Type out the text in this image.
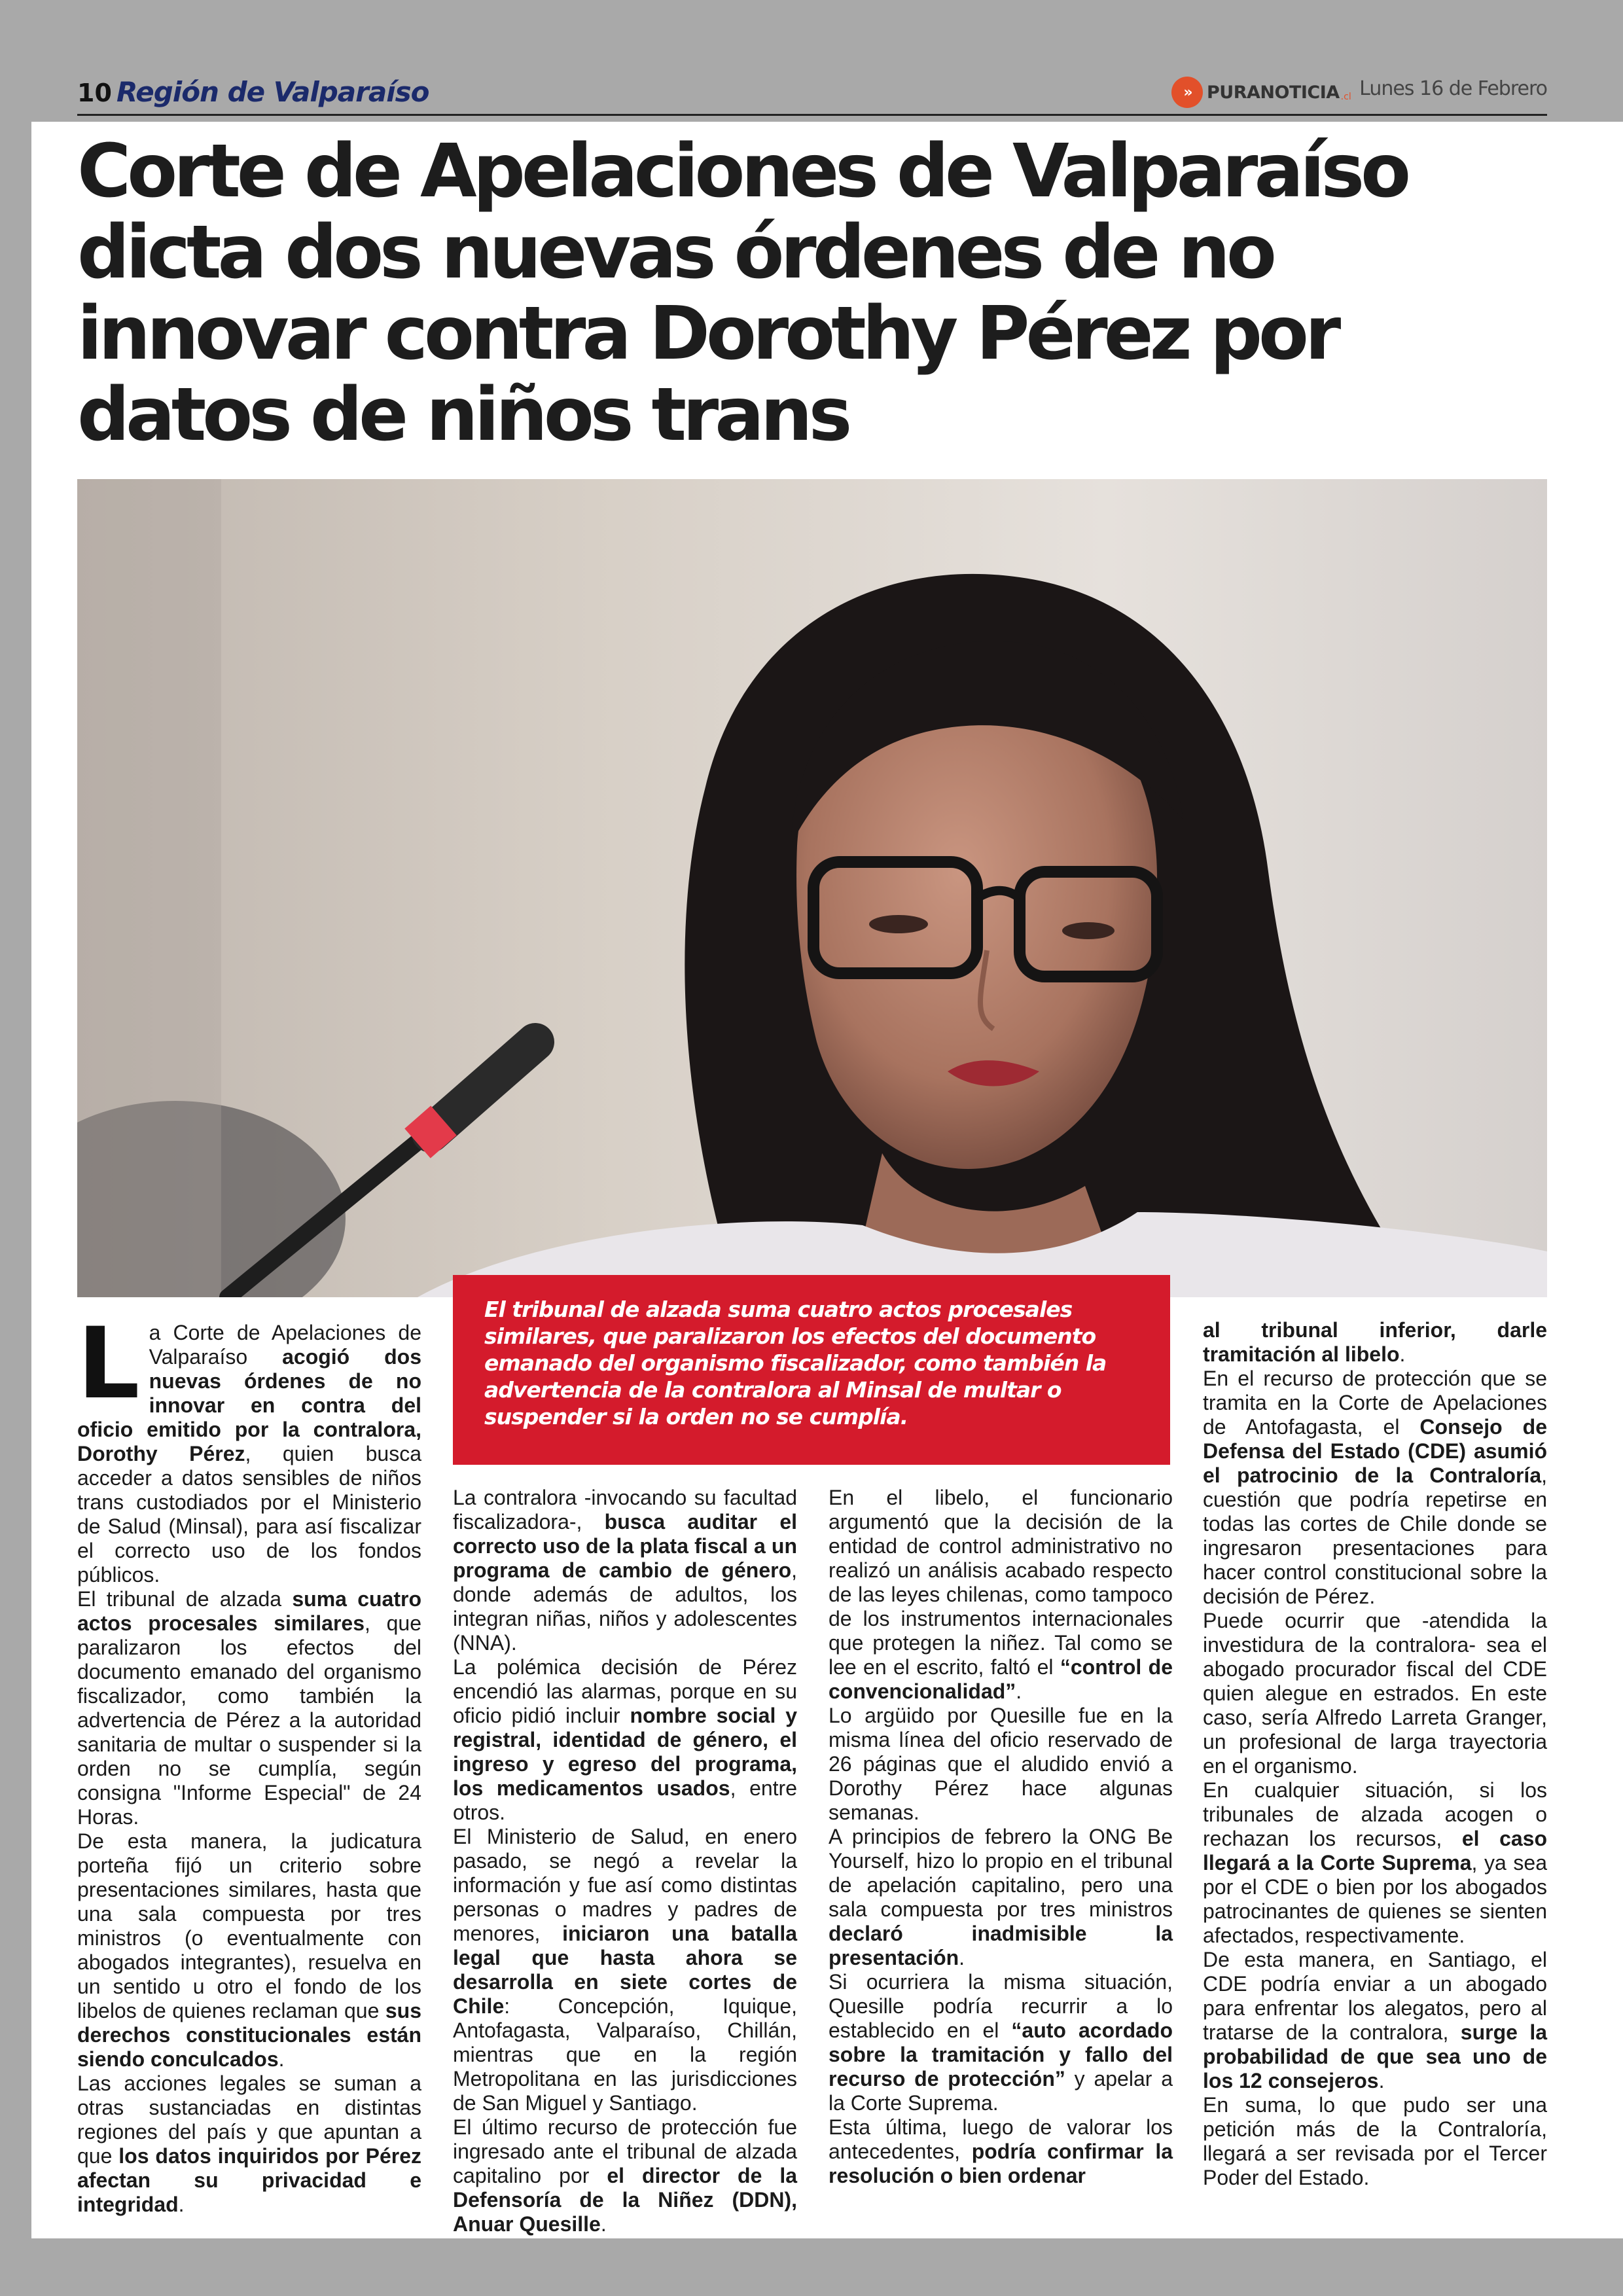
10 Región de Valparaíso	» PURANOTICIA .cl Lunes 16 de Febrero
Corte de Apelaciones de Valparaíso dicta dos nuevas órdenes de no innovar contra Dorothy Pérez por datos de niños trans

El tribunal de alzada suma cuatro actos procesales similares, que paralizaron los efectos del documento emanado del organismo fiscalizador, como también la advertencia de la contralora al Minsal de multar o suspender si la orden no se cumplía.

L a Corte de Apelaciones de Valparaíso acogió dos nuevas órdenes de no innovar en contra del oficio emitido por la contralora, Dorothy Pérez, quien busca acceder a datos sensibles de niños trans custodiados por el Ministerio de Salud (Minsal), para así fiscalizar el correcto uso de los fondos públicos.

El tribunal de alzada suma cuatro actos procesales similares, que paralizaron los efectos del documento emanado del organismo fiscalizador, como también la advertencia de Pérez a la autoridad sanitaria de multar o suspender si la orden no se cumplía, según consigna "Informe Especial" de 24 Horas.

De esta manera, la judicatura porteña fijó un criterio sobre presentaciones similares, hasta que una sala compuesta por tres ministros (o eventualmente con abogados integrantes), resuelva en un sentido u otro el fondo de los libelos de quienes reclaman que sus derechos constitucionales están siendo conculcados.

Las acciones legales se suman a otras sustanciadas en distintas regiones del país y que apuntan a que los datos inquiridos por Pérez afectan su privacidad e integridad.

La contralora -invocando su facultad fiscalizadora-, busca auditar el correcto uso de la plata fiscal a un programa de cambio de género, donde además de adultos, los integran niñas, niños y adolescentes (NNA).

La polémica decisión de Pérez encendió las alarmas, porque en su oficio pidió incluir nombre social y registral, identidad de género, el ingreso y egreso del programa, los medicamentos usados, entre otros.

El Ministerio de Salud, en enero pasado, se negó a revelar la información y fue así como distintas personas o madres y padres de menores, iniciaron una batalla legal que hasta ahora se desarrolla en siete cortes de Chile: Concepción, Iquique, Antofagasta, Valparaíso, Chillán, mientras que en la región Metropolitana en las jurisdicciones de San Miguel y Santiago.

El último recurso de protección fue ingresado ante el tribunal de alzada capitalino por el director de la Defensoría de la Niñez (DDN), Anuar Quesille.

En el libelo, el funcionario argumentó que la decisión de la entidad de control administrativo no realizó un análisis acabado respecto de las leyes chilenas, como tampoco de los instrumentos internacionales que protegen la niñez. Tal como se lee en el escrito, faltó el “control de convencionalidad”.

Lo argüido por Quesille fue en la misma línea del oficio reservado de 26 páginas que el aludido envió a Dorothy Pérez hace algunas semanas.

A principios de febrero la ONG Be Yourself, hizo lo propio en el tribunal de apelación capitalino, pero una sala compuesta por tres ministros declaró inadmisible la presentación.

Si ocurriera la misma situación, Quesille podría recurrir a lo establecido en el “auto acordado sobre la tramitación y fallo del recurso de protección” y apelar a la Corte Suprema.

Esta última, luego de valorar los antecedentes, podría confirmar la resolución o bien ordenar

al tribunal inferior, darle tramitación al libelo.

En el recurso de protección que se tramita en la Corte de Apelaciones de Antofagasta, el Consejo de Defensa del Estado (CDE) asumió el patrocinio de la Contraloría, cuestión que podría repetirse en todas las cortes de Chile donde se ingresaron presentaciones para hacer control constitucional sobre la decisión de Pérez.

Puede ocurrir que -atendida la investidura de la contralora- sea el abogado procurador fiscal del CDE quien alegue en estrados. En este caso, sería Alfredo Larreta Granger, un profesional de larga trayectoria en el organismo.

En cualquier situación, si los tribunales de alzada acogen o rechazan los recursos, el caso llegará a la Corte Suprema, ya sea por el CDE o bien por los abogados patrocinantes de quienes se sienten afectados, respectivamente.

De esta manera, en Santiago, el CDE podría enviar a un abogado para enfrentar los alegatos, pero al tratarse de la contralora, surge la probabilidad de que sea uno de los 12 consejeros.

En suma, lo que pudo ser una petición más de la Contraloría, llegará a ser revisada por el Tercer Poder del Estado.
